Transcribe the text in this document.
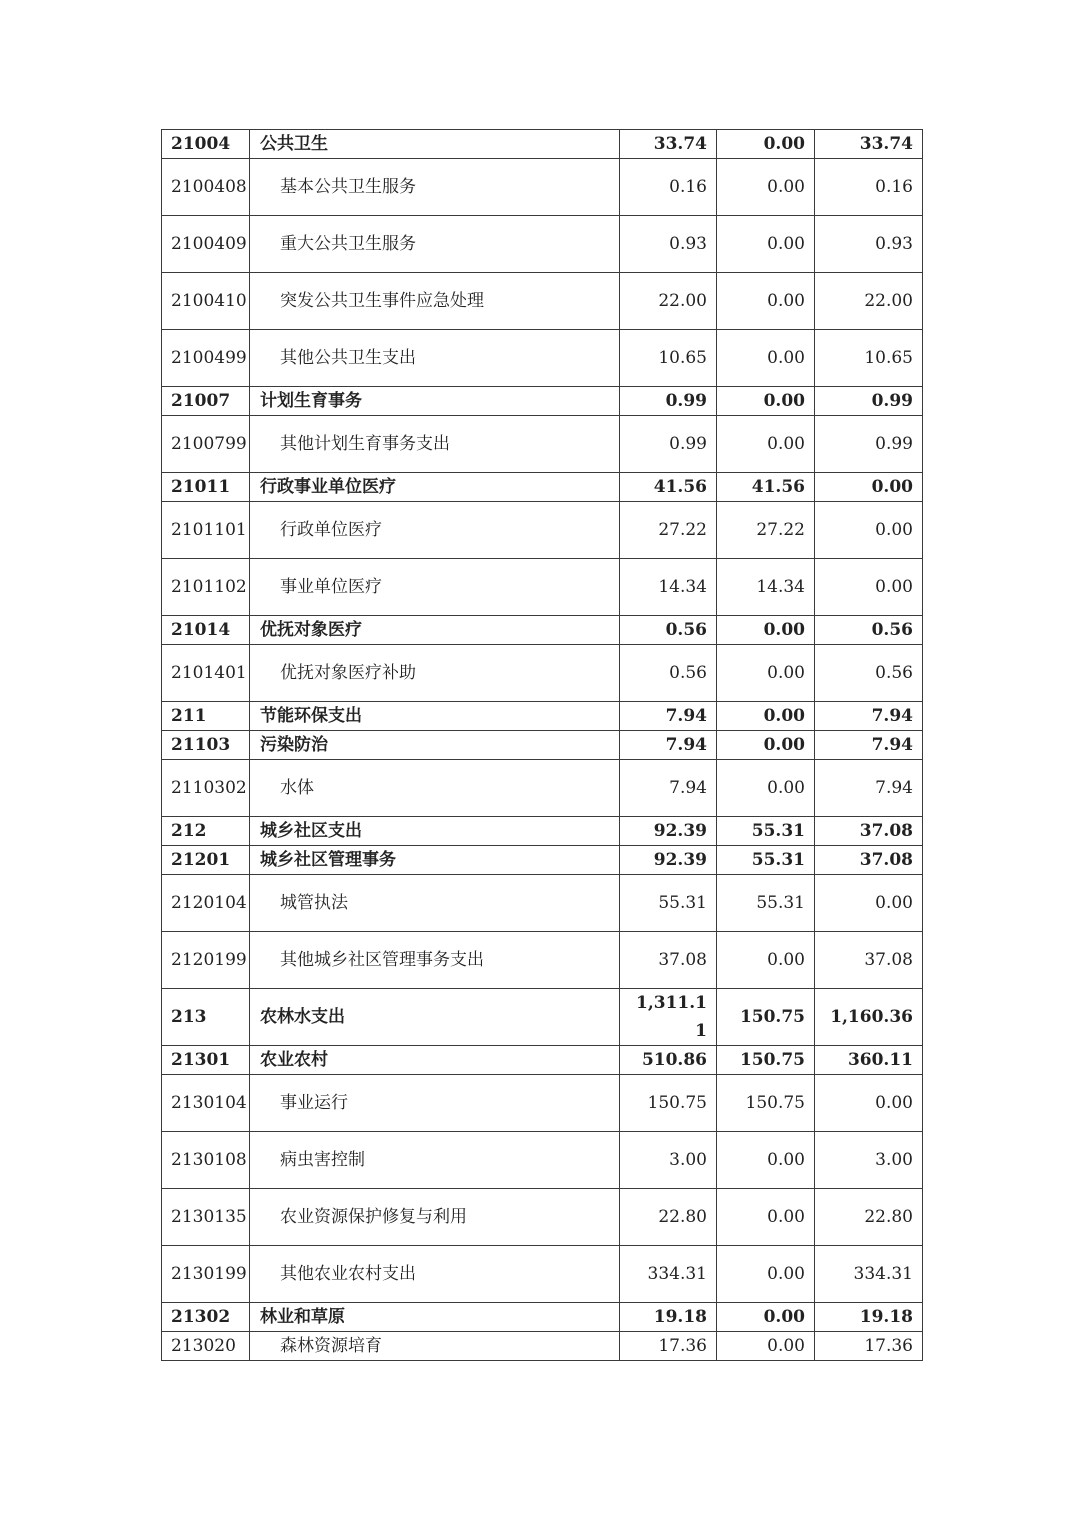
21004	公共卫生	33.74	0.00	33.74
2100408	基本公共卫生服务	0.16	0.00	0.16
2100409	重大公共卫生服务	0.93	0.00	0.93
2100410	突发公共卫生事件应急处理	22.00	0.00	22.00
2100499	其他公共卫生支出	10.65	0.00	10.65
21007	计划生育事务	0.99	0.00	0.99
2100799	其他计划生育事务支出	0.99	0.00	0.99
21011	行政事业单位医疗	41.56	41.56	0.00
2101101	行政单位医疗	27.22	27.22	0.00
2101102	事业单位医疗	14.34	14.34	0.00
21014	优抚对象医疗	0.56	0.00	0.56
2101401	优抚对象医疗补助	0.56	0.00	0.56
211	节能环保支出	7.94	0.00	7.94
21103	污染防治	7.94	0.00	7.94
2110302	水体	7.94	0.00	7.94
212	城乡社区支出	92.39	55.31	37.08
21201	城乡社区管理事务	92.39	55.31	37.08
2120104	城管执法	55.31	55.31	0.00
2120199	其他城乡社区管理事务支出	37.08	0.00	37.08
213	农林水支出	1,311.11	150.75	1,160.36
21301	农业农村	510.86	150.75	360.11
2130104	事业运行	150.75	150.75	0.00
2130108	病虫害控制	3.00	0.00	3.00
2130135	农业资源保护修复与利用	22.80	0.00	22.80
2130199	其他农业农村支出	334.31	0.00	334.31
21302	林业和草原	19.18	0.00	19.18
213020	森林资源培育	17.36	0.00	17.36
